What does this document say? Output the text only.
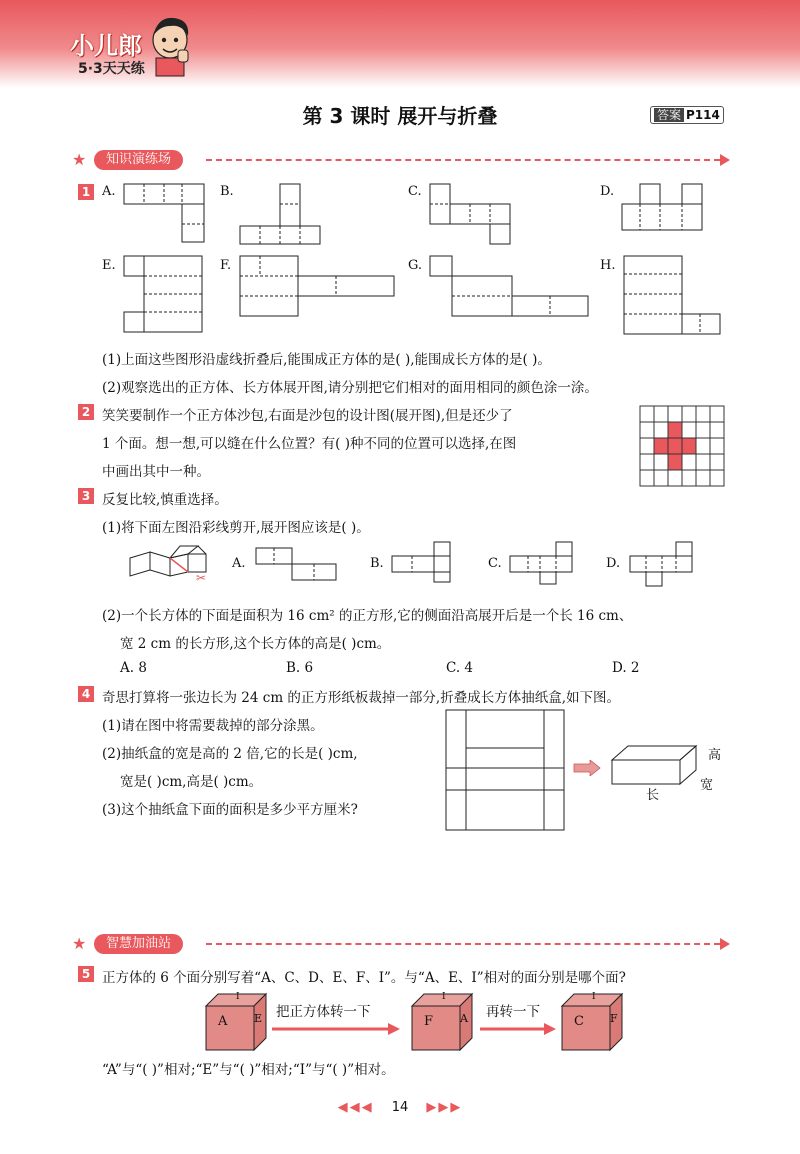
小儿郎
5·3天天练
第 3 课时 展开与折叠	答案 P114
★	知识演练场
1 A.	B.	C.	D.
E.	F.	G.	H.
(1)上面这些图形沿虚线折叠后,能围成正方体的是( ),能围成长方体的是( )。
(2)观察选出的正方体、长方体展开图,请分别把它们相对的面用相同的颜色涂一涂。
2 笑笑要制作一个正方体沙包,右面是沙包的设计图(展开图),但是还少了
1 个面。想一想,可以缝在什么位置？有( )种不同的位置可以选择,在图
中画出其中一种。
3 反复比较,慎重选择。
(1)将下面左图沿彩线剪开,展开图应该是( )。
✂
A.	B.	C.	D.
(2)一个长方体的下面是面积为 16 cm² 的正方形,它的侧面沿高展开后是一个长 16 cm、
宽 2 cm 的长方形,这个长方体的高是( )cm。
A. 8	B. 6	C. 4	D. 2
4 奇思打算将一张边长为 24 cm 的正方形纸板裁掉一部分,折叠成长方体抽纸盒,如下图。
(1)请在图中将需要裁掉的部分涂黑。
(2)抽纸盒的宽是高的 2 倍,它的长是( )cm,
宽是( )cm,高是( )cm。
(3)这个抽纸盒下面的面积是多少平方厘米?
高
宽
长
★	智慧加油站
5 正方体的 6 个面分别写着“A、C、D、E、F、I”。与“A、E、I”相对的面分别是哪个面?
A E
I
把正方体转一下
F A
I
再转一下
C F
I
“A”与“( )”相对;“E”与“( )”相对;“I”与“( )”相对。
◀◀◀ 14 ▶▶▶
